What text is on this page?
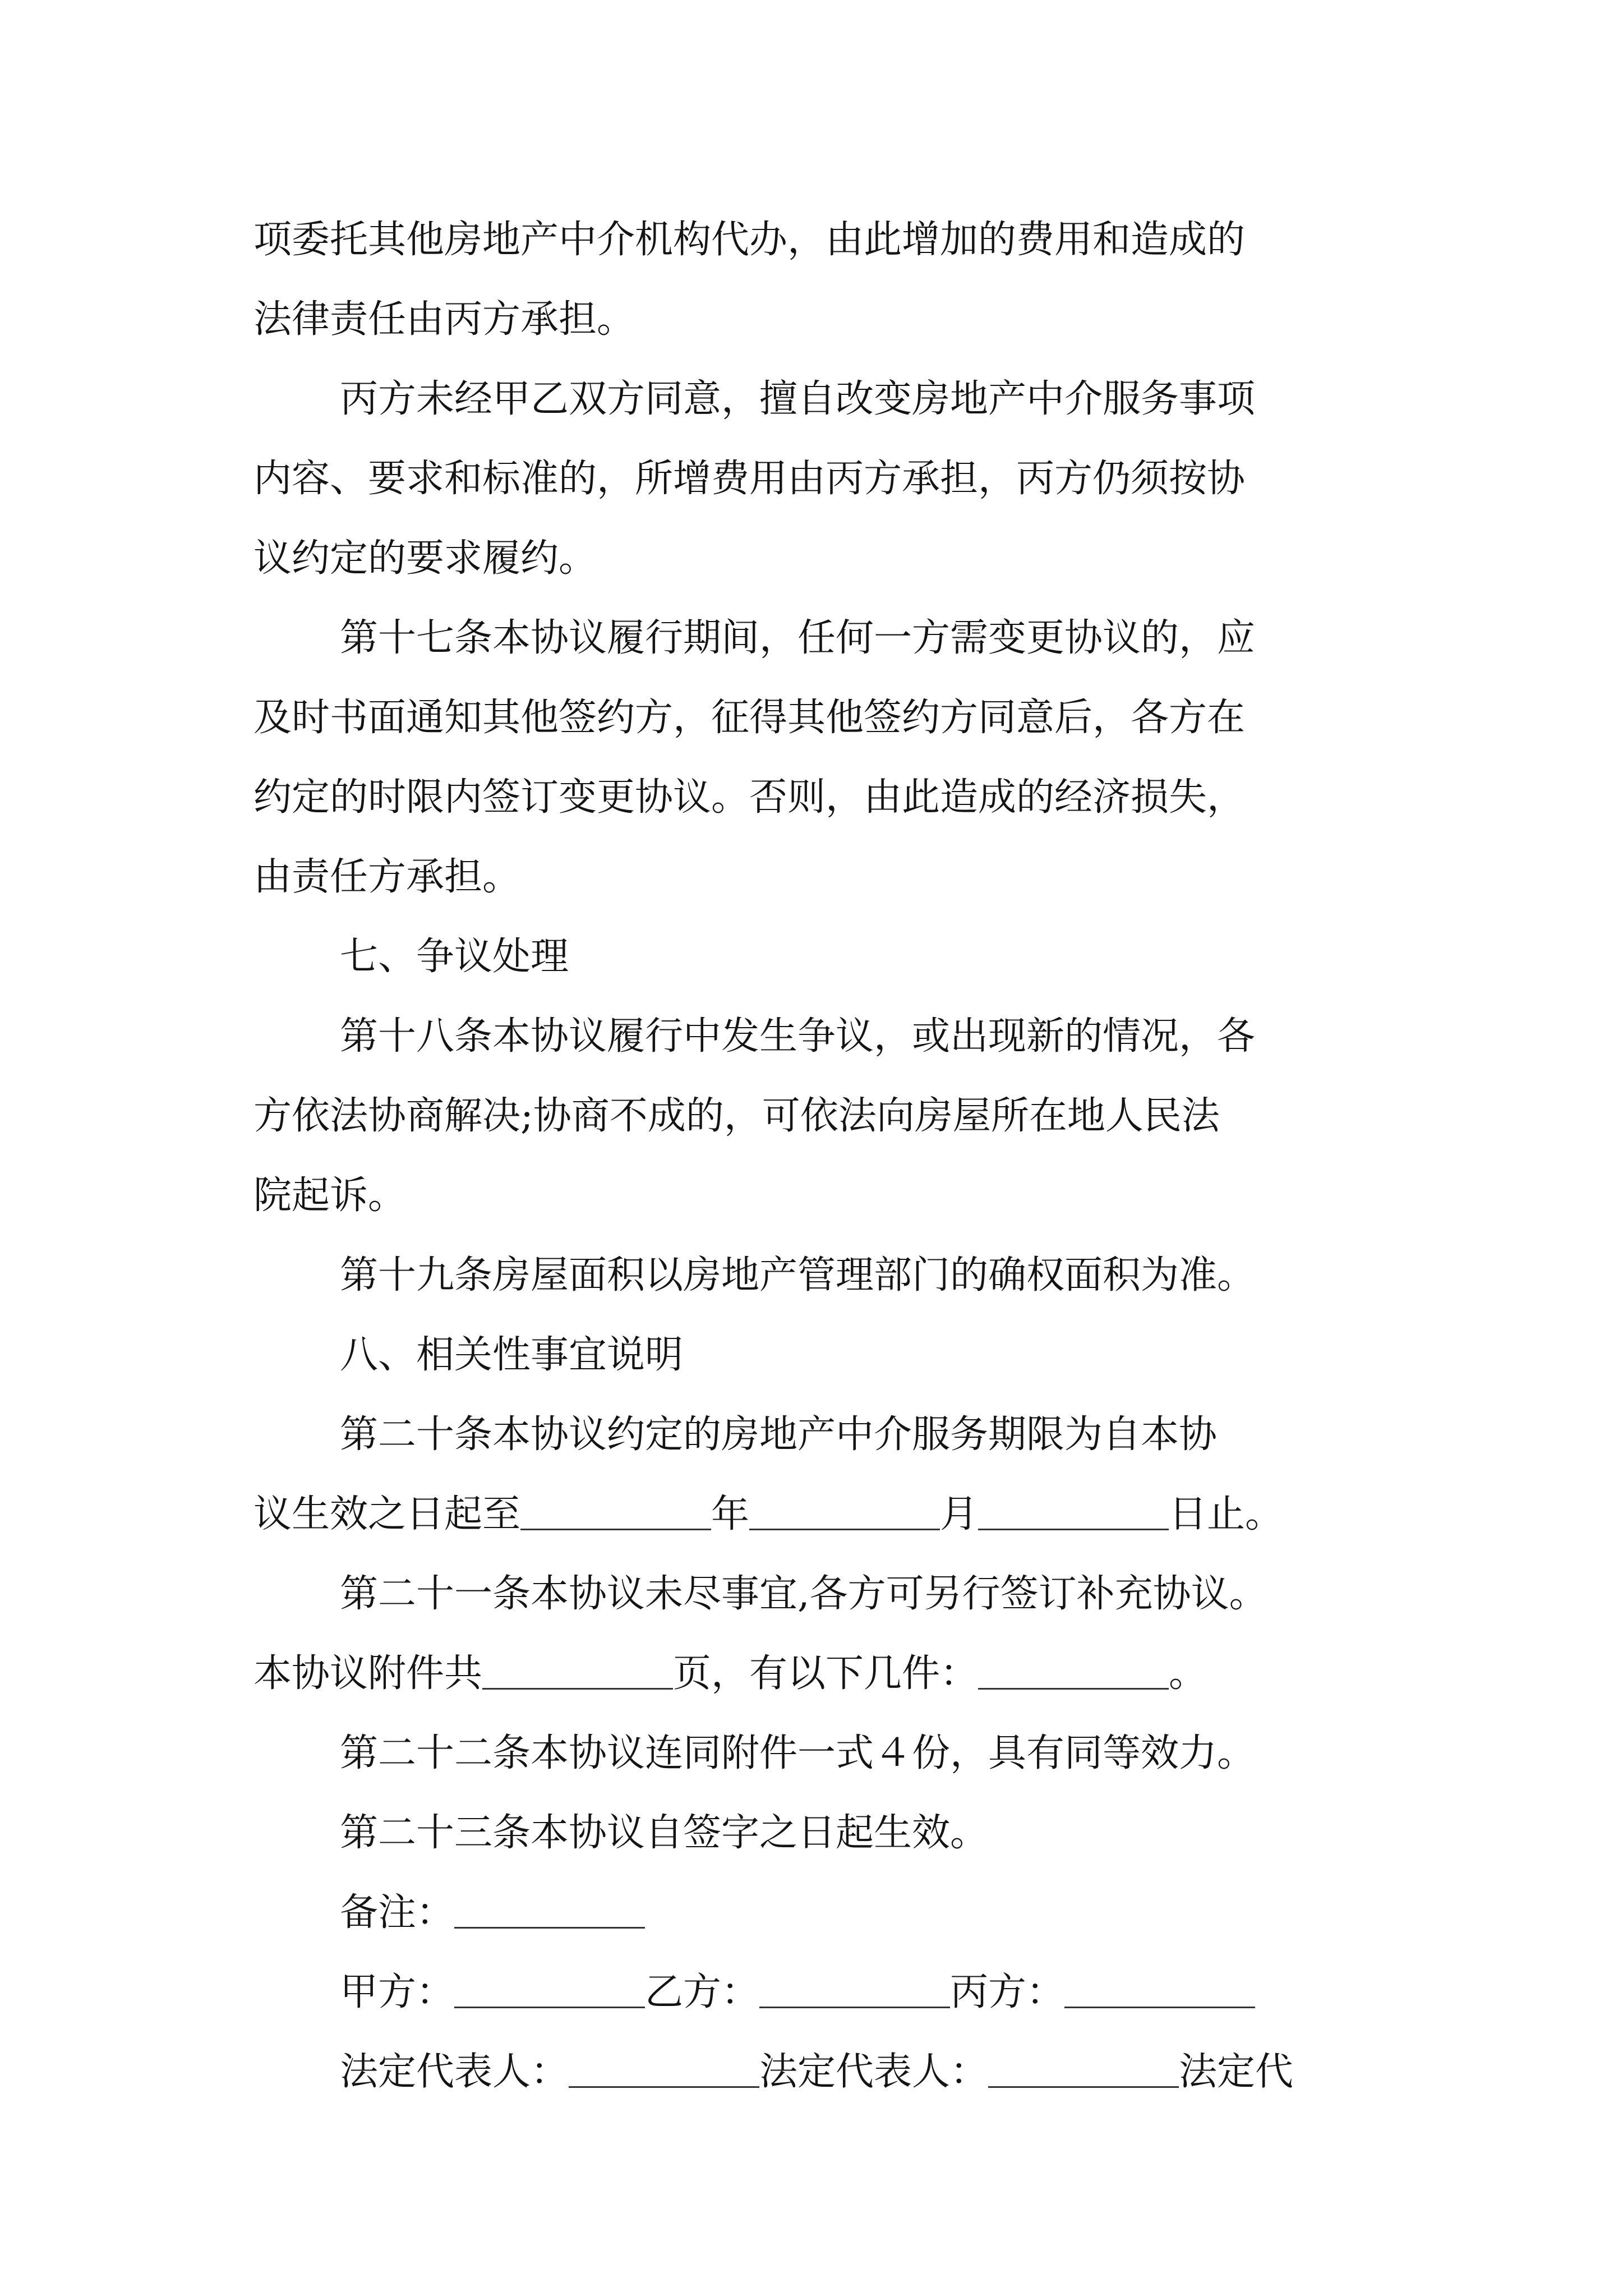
项委托其他房地产中介机构代办，由此增加的费用和造成的
法律责任由丙方承担。
丙方未经甲乙双方同意，擅自改变房地产中介服务事项
内容、要求和标准的，所增费用由丙方承担，丙方仍须按协
议约定的要求履约。
第十七条本协议履行期间，任何一方需变更协议的，应
及时书面通知其他签约方，征得其他签约方同意后，各方在
约定的时限内签订变更协议。否则，由此造成的经济损失，
由责任方承担。
七、争议处理
第十八条本协议履行中发生争议，或出现新的情况，各
方依法协商解决;协商不成的，可依法向房屋所在地人民法
院起诉。
第十九条房屋面积以房地产管理部门的确权面积为准。
八、相关性事宜说明
第二十条本协议约定的房地产中介服务期限为自本协
议生效之日起至	年	月	日止。
第二十一条本协议未尽事宜,各方可另行签订补充协议。
本协议附件共	页，有以下几件：	。
第二十二条本协议连同附件一式４份，具有同等效力。
第二十三条本协议自签字之日起生效。
备注：
甲方：	乙方：	丙方：
法定代表人：	法定代表人：	法定代
